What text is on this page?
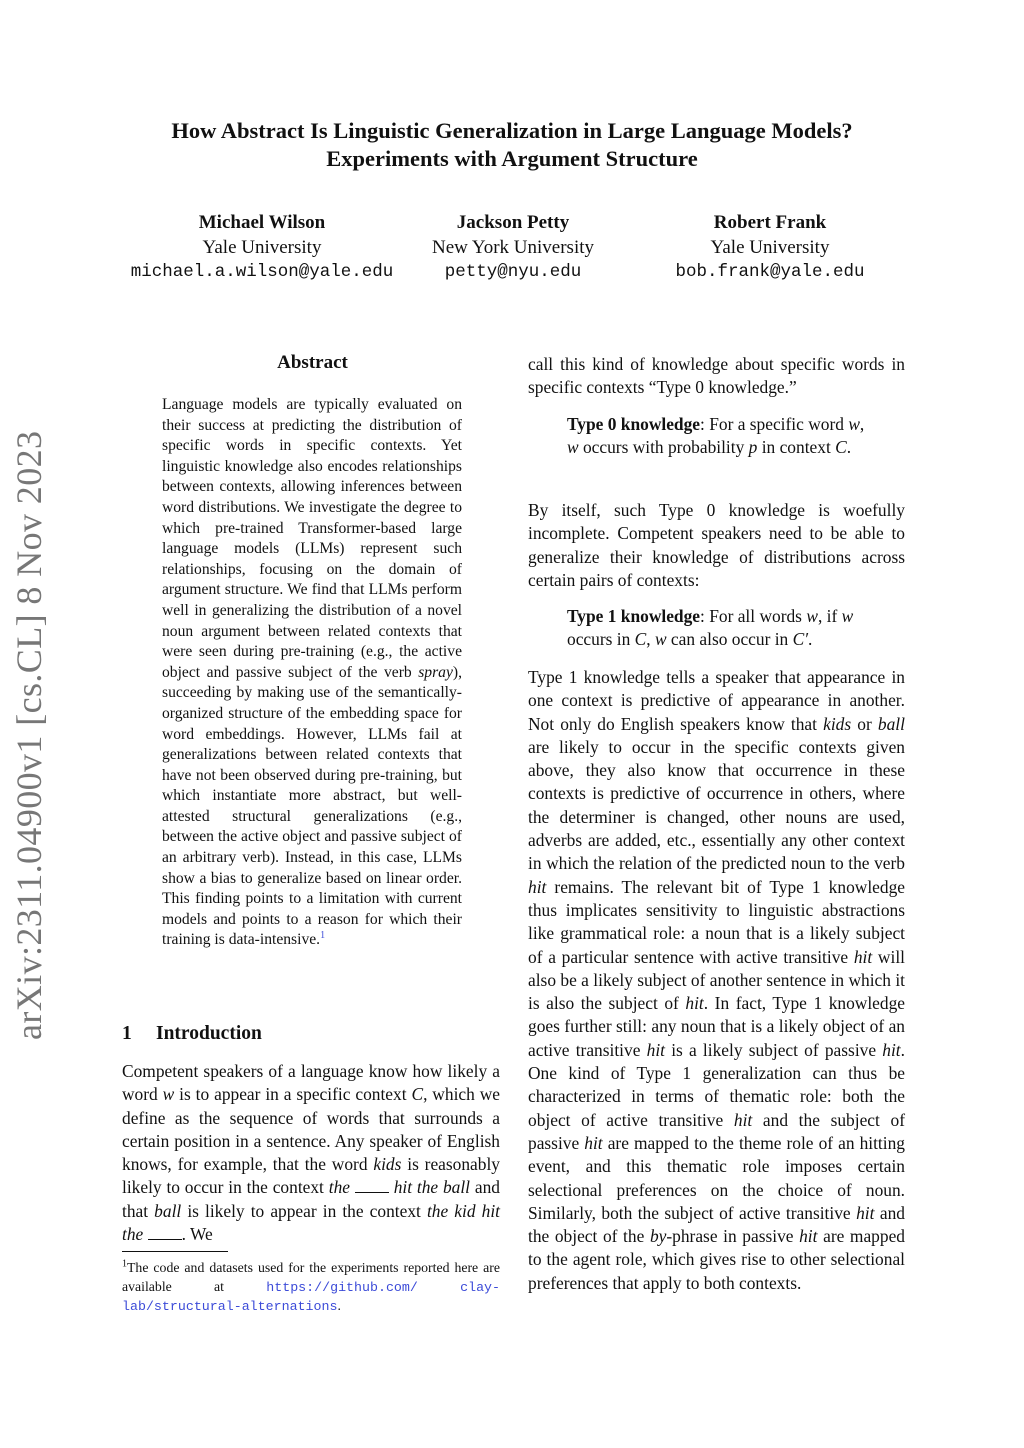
arXiv:2311.04900v1 [cs.CL] 8 Nov 2023
How Abstract Is Linguistic Generalization in Large Language Models?
Experiments with Argument Structure
Michael Wilson
Yale University
michael.a.wilson@yale.edu
Jackson Petty
New York University
petty@nyu.edu
Robert Frank
Yale University
bob.frank@yale.edu
Abstract
Language models are typically evaluated on their success at predicting the distribution of specific words in specific contexts. Yet linguistic knowledge also encodes relationships between contexts, allowing inferences between word distributions. We investigate the degree to which pre-trained Transformer-based large language models (LLMs) represent such relationships, focusing on the domain of argument structure. We find that LLMs perform well in generalizing the distribution of a novel noun argument between related contexts that were seen during pre-training (e.g., the active object and passive subject of the verb spray), succeeding by making use of the semantically-organized structure of the embedding space for word embeddings. However, LLMs fail at generalizations between related contexts that have not been observed during pre-training, but which instantiate more abstract, but well-attested structural generalizations (e.g., between the active object and passive subject of an arbitrary verb). Instead, in this case, LLMs show a bias to generalize based on linear order. This finding points to a limitation with current models and points to a reason for which their training is data-intensive.$^1$
1 Introduction
Competent speakers of a language know how likely a word w is to appear in a specific context C, which we define as the sequence of words that surrounds a certain position in a sentence. Any speaker of English knows, for example, that the word kids is reasonably likely to occur in the context the	hit the ball and that ball is likely to appear in the context the kid hit the . We
$^1$The code and datasets used for the experiments reported here are available at	https://github.com/	clay-lab/structural-alternations.
call this kind of knowledge about specific words in specific contexts “Type 0 knowledge.”
Type 0 knowledge: For a specific word w, w occurs with probability p in context C.
By itself, such Type 0 knowledge is woefully incomplete. Competent speakers need to be able to generalize their knowledge of distributions across certain pairs of contexts:
Type 1 knowledge: For all words w, if w occurs in C, w can also occur in C′.
Type 1 knowledge tells a speaker that appearance in one context is predictive of appearance in another. Not only do English speakers know that kids or ball are likely to occur in the specific contexts given above, they also know that occurrence in these contexts is predictive of occurrence in others, where the determiner is changed, other nouns are used, adverbs are added, etc., essentially any other context in which the relation of the predicted noun to the verb hit remains. The relevant bit of Type 1 knowledge thus implicates sensitivity to linguistic abstractions like grammatical role: a noun that is a likely subject of a particular sentence with active transitive hit will also be a likely subject of another sentence in which it is also the subject of hit. In fact, Type 1 knowledge goes further still: any noun that is a likely object of an active transitive hit is a likely subject of passive hit. One kind of Type 1 generalization can thus be characterized in terms of thematic role: both the object of active transitive hit and the subject of passive hit are mapped to the theme role of an hitting event, and this thematic role imposes certain selectional preferences on the choice of noun. Similarly, both the subject of active transitive hit and the object of the by-phrase in passive hit are mapped to the agent role, which gives rise to other selectional preferences that apply to both contexts.
